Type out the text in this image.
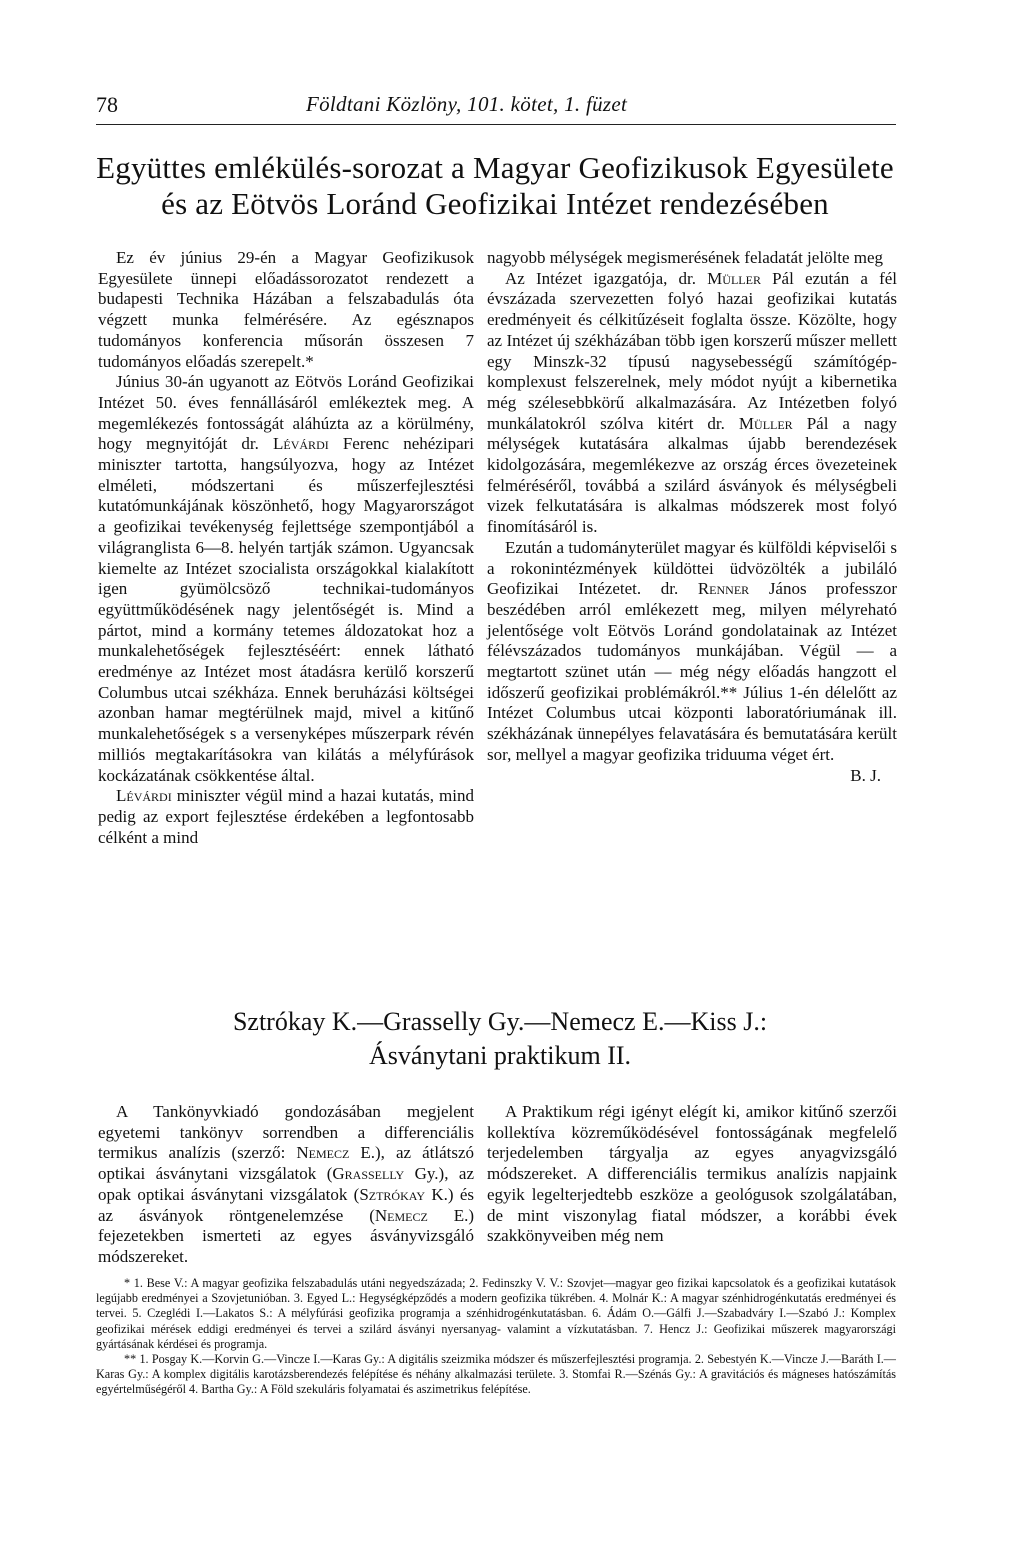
78	Földtani Közlöny, 101. kötet, 1. füzet
Együttes emlékülés-sorozat a Magyar Geofizikusok Egyesülete
és az Eötvös Loránd Geofizikai Intézet rendezésében

Ez év június 29-én a Magyar Geofizikusok Egyesülete ünnepi előadássorozatot rendezett a budapesti Technika Házában a felszabadulás óta végzett munka felmérésére. Az egésznapos tudományos konferencia műsorán összesen 7 tudományos előadás szerepelt.*

Június 30-án ugyanott az Eötvös Loránd Geofizikai Intézet 50. éves fennállásáról emlékeztek meg. A megemlékezés fontosságát aláhúzta az a körülmény, hogy megnyitóját dr. Lévárdi Ferenc nehézipari miniszter tartotta, hangsúlyozva, hogy az Intézet elméleti, módszertani és műszerfejlesztési kutatómunkájának köszönhető, hogy Magyarországot a geofizikai tevékenység fejlettsége szempontjából a világranglista 6—8. helyén tartják számon. Ugyancsak kiemelte az Intézet szocialista országokkal kialakított igen gyümölcsöző technikai-tudományos együttműködésének nagy jelentőségét is. Mind a pártot, mind a kormány tetemes áldozatokat hoz a munkalehetőségek fejlesztéséért: ennek látható eredménye az Intézet most átadásra kerülő korszerű Columbus utcai székháza. Ennek beruházási költségei azonban hamar megtérülnek majd, mivel a kitűnő munkalehetőségek s a versenyképes műszerpark révén milliós megtakarításokra van kilátás a mélyfúrások kockázatának csökkentése által.

Lévárdi miniszter végül mind a hazai kutatás, mind pedig az export fejlesztése érdekében a legfontosabb célként a mind

nagyobb mélységek megismerésének feladatát jelölte meg

Az Intézet igazgatója, dr. Müller Pál ezután a fél évszázada szervezetten folyó hazai geofizikai kutatás eredményeit és célkitűzéseit foglalta össze. Közölte, hogy az Intézet új székházában több igen korszerű műszer mellett egy Minszk-32 típusú nagysebességű számítógép-komplexust felszerelnek, mely módot nyújt a kibernetika még szélesebbkörű alkalmazására. Az Intézetben folyó munkálatokról szólva kitért dr. Müller Pál a nagy mélységek kutatására alkalmas újabb berendezések kidolgozására, megemlékezve az ország érces övezeteinek felméréséről, továbbá a szilárd ásványok és mélységbeli vizek felkutatására is alkalmas módszerek most folyó finomításáról is.

Ezután a tudományterület magyar és külföldi képviselői s a rokonintézmények küldöttei üdvözölték a jubiláló Geofizikai Intézetet. dr. Renner János professzor beszédében arról emlékezett meg, milyen mélyreható jelentősége volt Eötvös Loránd gondolatainak az Intézet félévszázados tudományos munkájában. Végül — a megtartott szünet után — még négy előadás hangzott el időszerű geofizikai problémákról.** Július 1-én délelőtt az Intézet Columbus utcai központi laboratóriumának ill. székházának ünnepélyes felavatására és bemutatására került sor, mellyel a magyar geofizika triduuma véget ért.

B. J.

Sztrókay K.—Grasselly Gy.—Nemecz E.—Kiss J.:
Ásványtani praktikum II.

A Tankönyvkiadó gondozásában megjelent egyetemi tankönyv sorrendben a differenciális termikus analízis (szerző: Nemecz E.), az átlátszó optikai ásványtani vizsgálatok (Grasselly Gy.), az opak optikai ásványtani vizsgálatok (Sztrókay K.) és az ásványok röntgenelemzése (Nemecz E.) fejezetekben ismerteti az egyes ásványvizsgáló módszereket.

A Praktikum régi igényt elégít ki, amikor kitűnő szerzői kollektíva közreműködésével fontosságának megfelelő terjedelemben tárgyalja az egyes anyagvizsgáló módszereket. A differenciális termikus analízis napjaink egyik legelterjedtebb eszköze a geológusok szolgálatában, de mint viszonylag fiatal módszer, a korábbi évek szakkönyveiben még nem

* 1. Bese V.: A magyar geofizika felszabadulás utáni negyedszázada; 2. Fedinszky V. V.: Szovjet—magyar geo fizikai kapcsolatok és a geofizikai kutatások legújabb eredményei a Szovjetunióban. 3. Egyed L.: Hegységképződés a modern geofizika tükrében. 4. Molnár K.: A magyar szénhidrogénkutatás eredményei és tervei. 5. Czeglédi I.—Lakatos S.: A mélyfúrási geofizika programja a szénhidrogénkutatásban. 6. Ádám O.—Gálfi J.—Szabadváry I.—Szabó J.: Komplex geofizikai mérések eddigi eredményei és tervei a szilárd ásványi nyersanyag- valamint a vízkutatásban. 7. Hencz J.: Geofizikai műszerek magyarországi gyártásának kérdései és programja.

** 1. Posgay K.—Korvin G.—Vincze I.—Karas Gy.: A digitális szeizmika módszer és műszerfejlesztési programja. 2. Sebestyén K.—Vincze J.—Baráth I.—Karas Gy.: A komplex digitális karotázsberendezés felépítése és néhány alkalmazási területe. 3. Stomfai R.—Szénás Gy.: A gravitációs és mágneses hatószámítás egyértelműségéről 4. Bartha Gy.: A Föld szekuláris folyamatai és aszimetrikus felépítése.
